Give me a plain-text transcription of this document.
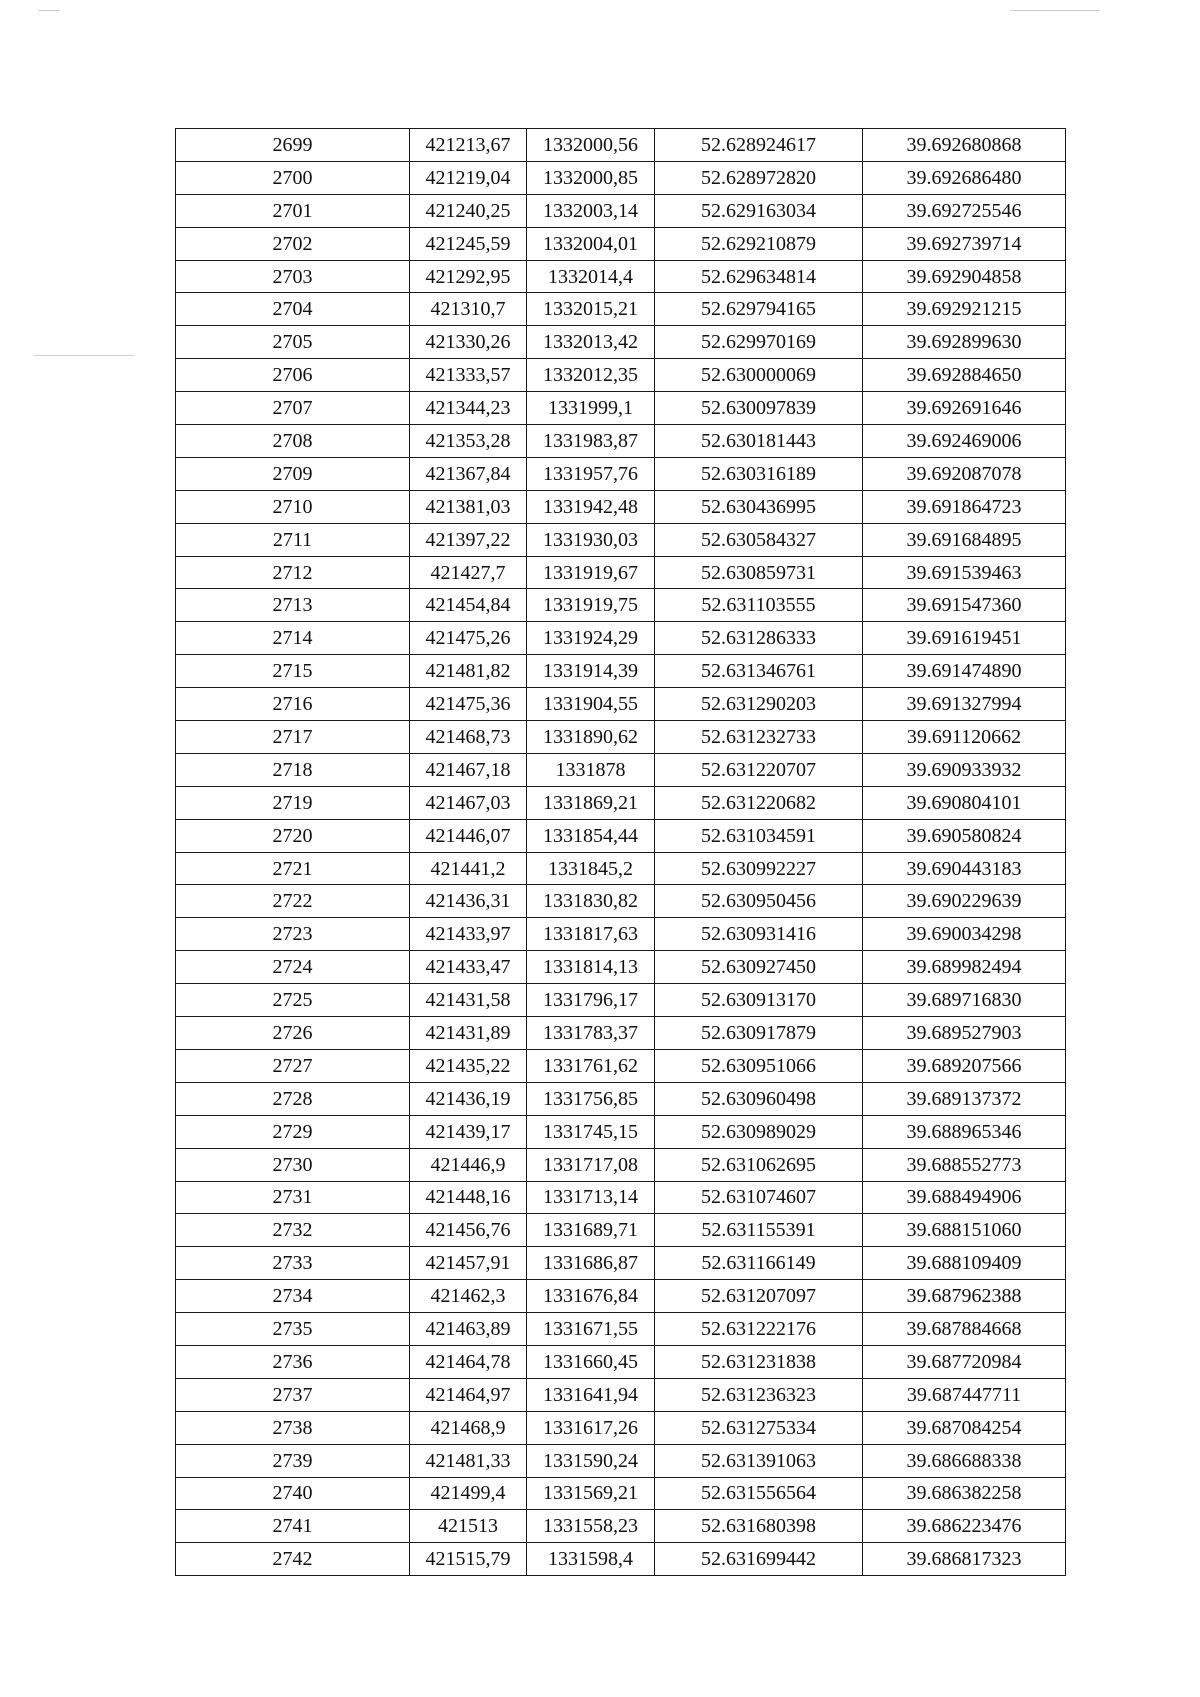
2699	421213,67	1332000,56	52.628924617	39.692680868
2700	421219,04	1332000,85	52.628972820	39.692686480
2701	421240,25	1332003,14	52.629163034	39.692725546
2702	421245,59	1332004,01	52.629210879	39.692739714
2703	421292,95	1332014,4	52.629634814	39.692904858
2704	421310,7	1332015,21	52.629794165	39.692921215
2705	421330,26	1332013,42	52.629970169	39.692899630
2706	421333,57	1332012,35	52.630000069	39.692884650
2707	421344,23	1331999,1	52.630097839	39.692691646
2708	421353,28	1331983,87	52.630181443	39.692469006
2709	421367,84	1331957,76	52.630316189	39.692087078
2710	421381,03	1331942,48	52.630436995	39.691864723
2711	421397,22	1331930,03	52.630584327	39.691684895
2712	421427,7	1331919,67	52.630859731	39.691539463
2713	421454,84	1331919,75	52.631103555	39.691547360
2714	421475,26	1331924,29	52.631286333	39.691619451
2715	421481,82	1331914,39	52.631346761	39.691474890
2716	421475,36	1331904,55	52.631290203	39.691327994
2717	421468,73	1331890,62	52.631232733	39.691120662
2718	421467,18	1331878	52.631220707	39.690933932
2719	421467,03	1331869,21	52.631220682	39.690804101
2720	421446,07	1331854,44	52.631034591	39.690580824
2721	421441,2	1331845,2	52.630992227	39.690443183
2722	421436,31	1331830,82	52.630950456	39.690229639
2723	421433,97	1331817,63	52.630931416	39.690034298
2724	421433,47	1331814,13	52.630927450	39.689982494
2725	421431,58	1331796,17	52.630913170	39.689716830
2726	421431,89	1331783,37	52.630917879	39.689527903
2727	421435,22	1331761,62	52.630951066	39.689207566
2728	421436,19	1331756,85	52.630960498	39.689137372
2729	421439,17	1331745,15	52.630989029	39.688965346
2730	421446,9	1331717,08	52.631062695	39.688552773
2731	421448,16	1331713,14	52.631074607	39.688494906
2732	421456,76	1331689,71	52.631155391	39.688151060
2733	421457,91	1331686,87	52.631166149	39.688109409
2734	421462,3	1331676,84	52.631207097	39.687962388
2735	421463,89	1331671,55	52.631222176	39.687884668
2736	421464,78	1331660,45	52.631231838	39.687720984
2737	421464,97	1331641,94	52.631236323	39.687447711
2738	421468,9	1331617,26	52.631275334	39.687084254
2739	421481,33	1331590,24	52.631391063	39.686688338
2740	421499,4	1331569,21	52.631556564	39.686382258
2741	421513	1331558,23	52.631680398	39.686223476
2742	421515,79	1331598,4	52.631699442	39.686817323
